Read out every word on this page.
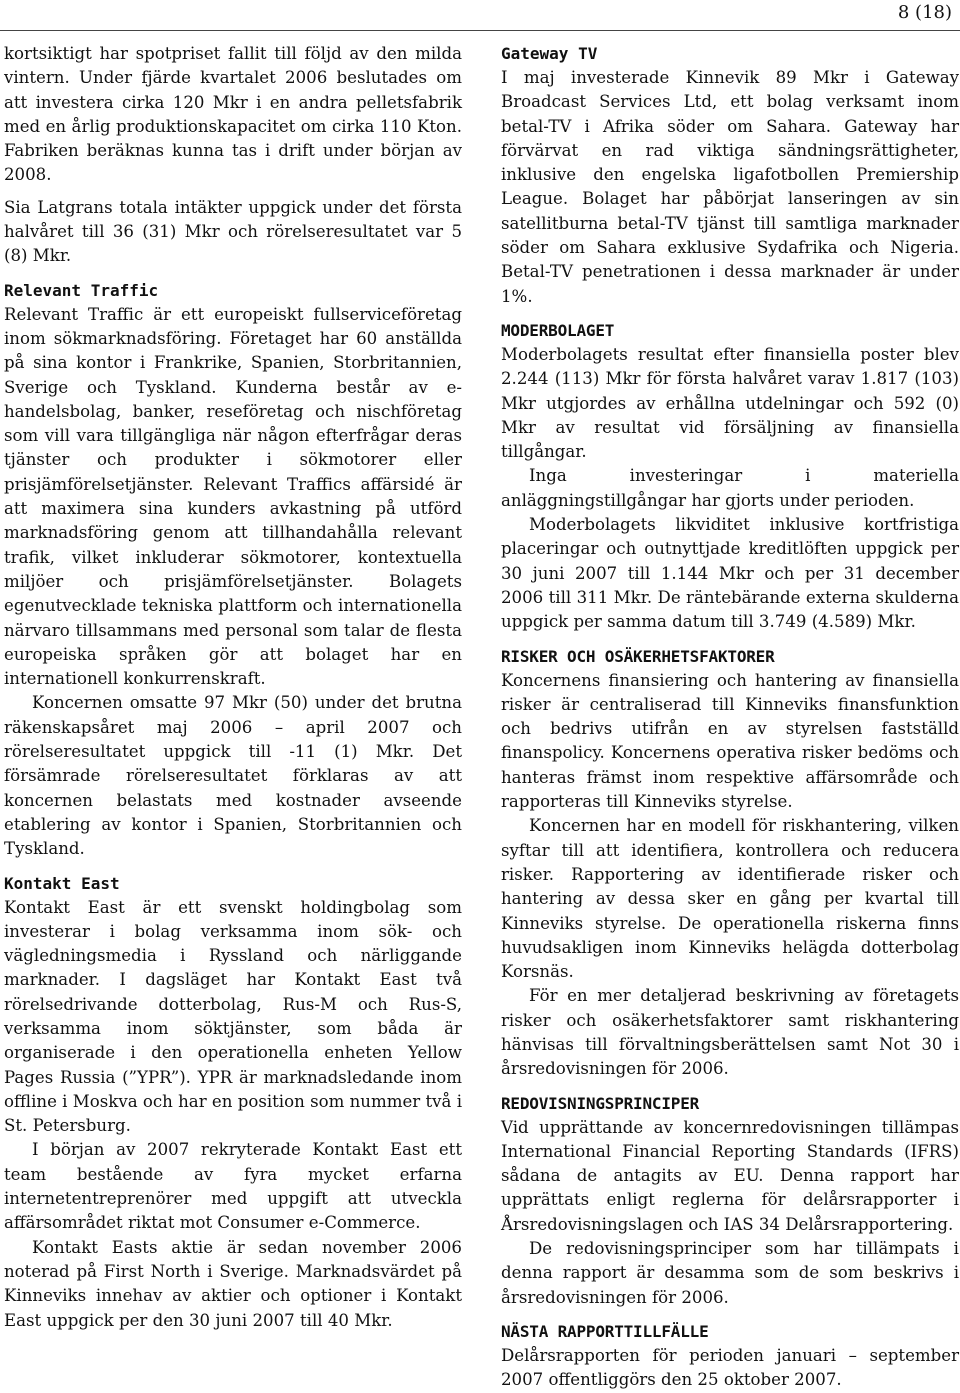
8 (18)

kortsiktigt har spotpriset fallit till följd av den milda vintern. Under fjärde kvartalet 2006 beslutades om att investera cirka 120 Mkr i en andra pelletsfabrik med en årlig produktionskapacitet om cirka 110 Kton. Fabriken beräknas kunna tas i drift under början av 2008.

Sia Latgrans totala intäkter uppgick under det första halvåret till 36 (31) Mkr och rörelseresultatet var 5 (8) Mkr.

Relevant Traffic

Relevant Traffic är ett europeiskt fullserviceföretag inom sökmarknadsföring. Företaget har 60 anställda på sina kontor i Frankrike, Spanien, Storbritannien, Sverige och Tyskland. Kunderna består av e-handelsbolag, banker, reseföretag och nischföretag som vill vara tillgängliga när någon efterfrågar deras tjänster och produkter i sökmotorer eller prisjämförelsetjänster. Relevant Traffics affärsidé är att maximera sina kunders avkastning på utförd marknadsföring genom att tillhandahålla relevant trafik, vilket inkluderar sökmotorer, kontextuella miljöer och prisjämförelsetjänster. Bolagets egenutvecklade tekniska plattform och internationella närvaro tillsammans med personal som talar de flesta europeiska språken gör att bolaget har en internationell konkurrenskraft.

Koncernen omsatte 97 Mkr (50) under det brutna räkenskapsåret maj 2006 – april 2007 och rörelseresultatet uppgick till -11 (1) Mkr. Det försämrade rörelseresultatet förklaras av att koncernen belastats med kostnader avseende etablering av kontor i Spanien, Storbritannien och Tyskland.

Kontakt East

Kontakt East är ett svenskt holdingbolag som investerar i bolag verksamma inom sök- och vägledningsmedia i Ryssland och närliggande marknader. I dagsläget har Kontakt East två rörelsedrivande dotterbolag, Rus-M och Rus-S, verksamma inom söktjänster, som båda är organiserade i den operationella enheten Yellow Pages Russia (”YPR”). YPR är marknadsledande inom offline i Moskva och har en position som nummer två i St. Petersburg.

I början av 2007 rekryterade Kontakt East ett team bestående av fyra mycket erfarna internetentreprenörer med uppgift att utveckla affärsområdet riktat mot Consumer e-Commerce.

Kontakt Easts aktie är sedan november 2006 noterad på First North i Sverige. Marknadsvärdet på Kinneviks innehav av aktier och optioner i Kontakt East uppgick per den 30 juni 2007 till 40 Mkr.

Gateway TV

I maj investerade Kinnevik 89 Mkr i Gateway Broadcast Services Ltd, ett bolag verksamt inom betal-TV i Afrika söder om Sahara. Gateway har förvärvat en rad viktiga sändningsrättigheter, inklusive den engelska ligafotbollen Premiership League. Bolaget har påbörjat lanseringen av sin satellitburna betal-TV tjänst till samtliga marknader söder om Sahara exklusive Sydafrika och Nigeria. Betal-TV penetrationen i dessa marknader är under 1%.

MODERBOLAGET

Moderbolagets resultat efter finansiella poster blev 2.244 (113) Mkr för första halvåret varav 1.817 (103) Mkr utgjordes av erhållna utdelningar och 592 (0) Mkr av resultat vid försäljning av finansiella tillgångar.

Inga investeringar i materiella anläggningstillgångar har gjorts under perioden.

Moderbolagets likviditet inklusive kortfristiga placeringar och outnyttjade kreditlöften uppgick per 30 juni 2007 till 1.144 Mkr och per 31 december 2006 till 311 Mkr. De räntebärande externa skulderna uppgick per samma datum till 3.749 (4.589) Mkr.

RISKER OCH OSÄKERHETSFAKTORER

Koncernens finansiering och hantering av finansiella risker är centraliserad till Kinneviks finansfunktion och bedrivs utifrån en av styrelsen fastställd finanspolicy. Koncernens operativa risker bedöms och hanteras främst inom respektive affärsområde och rapporteras till Kinneviks styrelse.

Koncernen har en modell för riskhantering, vilken syftar till att identifiera, kontrollera och reducera risker. Rapportering av identifierade risker och hantering av dessa sker en gång per kvartal till Kinneviks styrelse. De operationella riskerna finns huvudsakligen inom Kinneviks helägda dotterbolag Korsnäs.

För en mer detaljerad beskrivning av företagets risker och osäkerhetsfaktorer samt riskhantering hänvisas till förvaltningsberättelsen samt Not 30 i årsredovisningen för 2006.

REDOVISNINGSPRINCIPER

Vid upprättande av koncernredovisningen tillämpas International Financial Reporting Standards (IFRS) sådana de antagits av EU. Denna rapport har upprättats enligt reglerna för delårsrapporter i Årsredovisningslagen och IAS 34 Delårsrapportering.

De redovisningsprinciper som har tillämpats i denna rapport är desamma som de som beskrivs i årsredovisningen för 2006.

NÄSTA RAPPORTTILLFÄLLE

Delårsrapporten för perioden januari – september 2007 offentliggörs den 25 oktober 2007.
